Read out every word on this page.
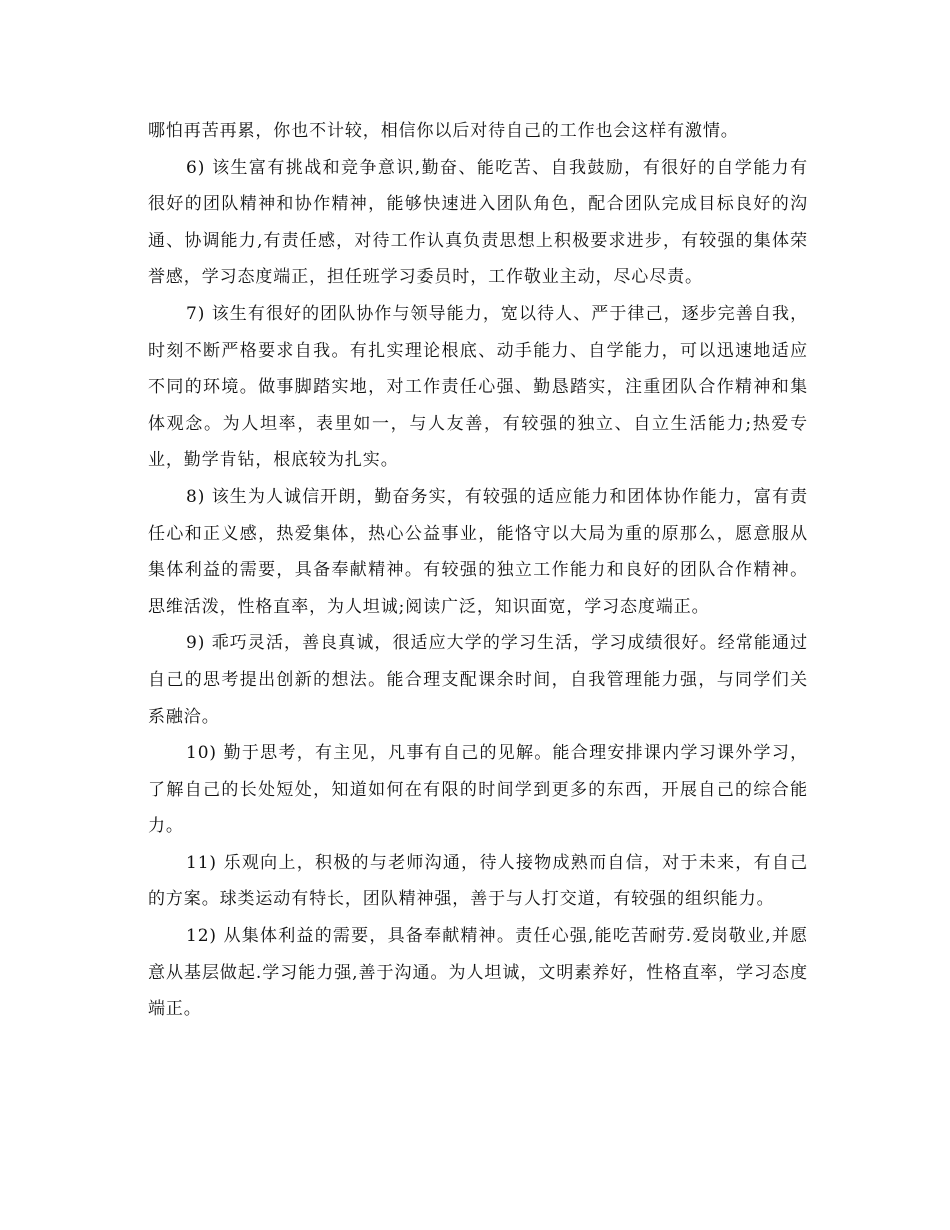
哪怕再苦再累，你也不计较，相信你以后对待自己的工作也会这样有激情。

6) 该生富有挑战和竞争意识,勤奋、能吃苦、自我鼓励，有很好的自学能力有很好的团队精神和协作精神，能够快速进入团队角色，配合团队完成目标良好的沟通、协调能力,有责任感，对待工作认真负责思想上积极要求进步，有较强的集体荣誉感，学习态度端正，担任班学习委员时，工作敬业主动，尽心尽责。

7) 该生有很好的团队协作与领导能力，宽以待人、严于律己，逐步完善自我，时刻不断严格要求自我。有扎实理论根底、动手能力、自学能力，可以迅速地适应不同的环境。做事脚踏实地，对工作责任心强、勤恳踏实，注重团队合作精神和集体观念。为人坦率，表里如一，与人友善，有较强的独立、自立生活能力;热爱专业，勤学肯钻，根底较为扎实。

8) 该生为人诚信开朗，勤奋务实，有较强的适应能力和团体协作能力，富有责任心和正义感，热爱集体，热心公益事业，能恪守以大局为重的原那么，愿意服从集体利益的需要，具备奉献精神。有较强的独立工作能力和良好的团队合作精神。思维活泼，性格直率，为人坦诚;阅读广泛，知识面宽，学习态度端正。

9) 乖巧灵活，善良真诚，很适应大学的学习生活，学习成绩很好。经常能通过自己的思考提出创新的想法。能合理支配课余时间，自我管理能力强，与同学们关系融洽。

10) 勤于思考，有主见，凡事有自己的见解。能合理安排课内学习课外学习，了解自己的长处短处，知道如何在有限的时间学到更多的东西，开展自己的综合能力。

11) 乐观向上，积极的与老师沟通，待人接物成熟而自信，对于未来，有自己的方案。球类运动有特长，团队精神强，善于与人打交道，有较强的组织能力。

12) 从集体利益的需要，具备奉献精神。责任心强,能吃苦耐劳.爱岗敬业,并愿意从基层做起.学习能力强,善于沟通。为人坦诚，文明素养好，性格直率，学习态度端正。
